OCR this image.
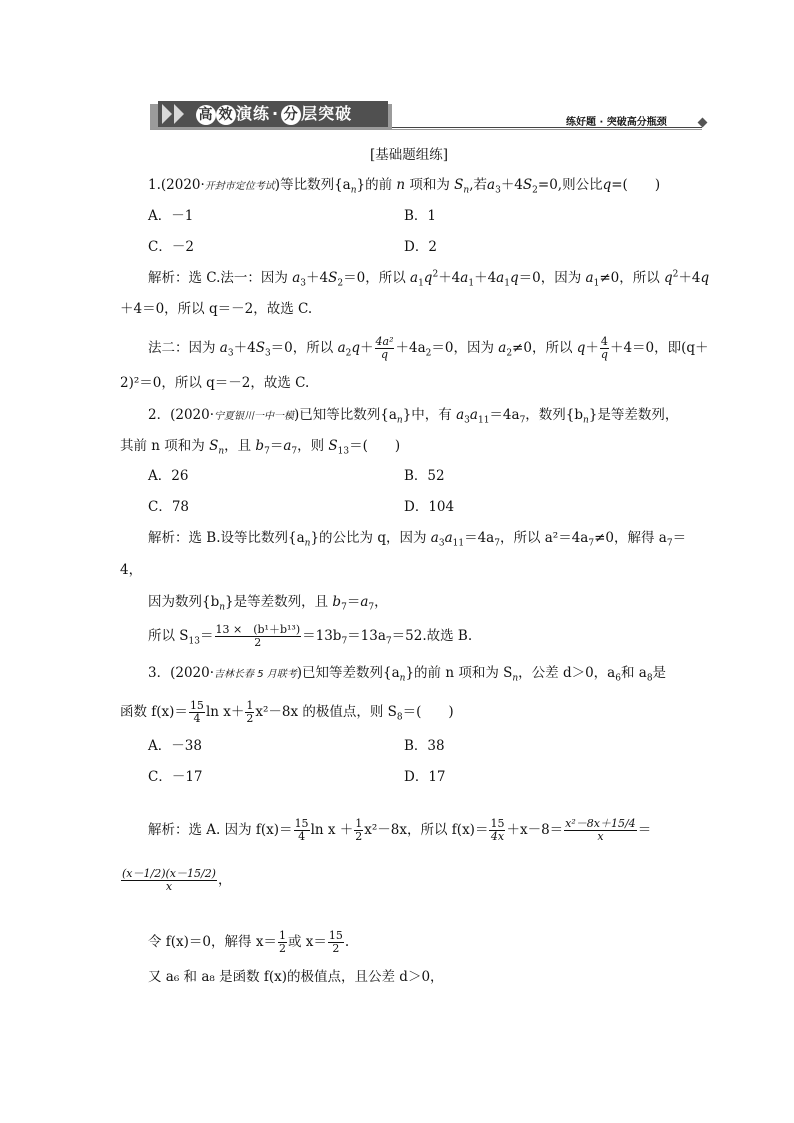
高 效 演练 · 分 层突破	练好题 · 突破高分瓶颈
[基础题组练]
1.(2020·开封市定位考试)等比数列$\{a_n\}$的前 n 项和为 $S_n$,若$a_3+4S_2=0$,则公比q=(　　)
A．－1	B．1
C．－2	D．2
解析：选 C.法一：因为 $a_3+4S_2=0$，所以 $a_1q^2+4a_1+4a_1q=0$，因为 $a_1\ne 0$，所以 $q^2+4q$
＋4＝0，所以 q＝－2，故选 C.
法二：因为 $a_3+4S_3=0$，所以 $a_2q+ \frac{\text{4a²}}{q} +4a_2=0$，因为 $a_2\ne 0$，所以 $q+ \frac{4}{q} +4=0$，即(q＋
2)²＝0，所以 q＝－2，故选 C.
2．(2020·宁夏银川一中一模)已知等比数列$\{a_n\}$中，有 $a_3a_{11}=4a_7$，数列$\{b_n\}$是等差数列，
其前 n 项和为 $S_n$，且 $b_7=a_7$，则 $S_{13}=$(　　)
A．26	B．52
C．78	D．104
解析：选 B.设等比数列$\{a_n\}$的公比为 q，因为 $a_3a_{11}=4a_7$，所以 $a^2=4a_7\ne 0$，解得 $a_7=$
4，
因为数列$\{b_n\}$是等差数列，且 $b_7=a_7$，
所以 $S_{13}= \frac{\text{13 ×　(b¹＋b¹³)}}{2} =13b_7=13a_7=52$.故选 B.
3．(2020·吉林长春 5 月联考)已知等差数列$\{a_n\}$的前 n 项和为 $S_n$，公差 d＞0，$a_6$和 $a_8$是
函数 $f(x)= \frac{15}{4}$ $\ln x+ \frac{1}{2} x^2-8x$ 的极值点，则 $S_8=$(　　)
A．－38	B．38
C．－17	D．17
解析：选 A. 因为 $f(x)= \frac{15}{4}$ $\ln x + \frac{1}{2} x^2-8x$，所以 $f(x)= \frac{15}{4x} +x-8= \frac{\text{x²－8x＋15/4}}{x}$ ＝
$\frac{(x-1/2)(x-15/2)}{x}$ ，
令 f(x)＝0，解得 $x= \frac{1}{2}$ 或 $x= \frac{15}{2}$ .
又 a₆ 和 a₈ 是函数 f(x)的极值点，且公差 d＞0，
